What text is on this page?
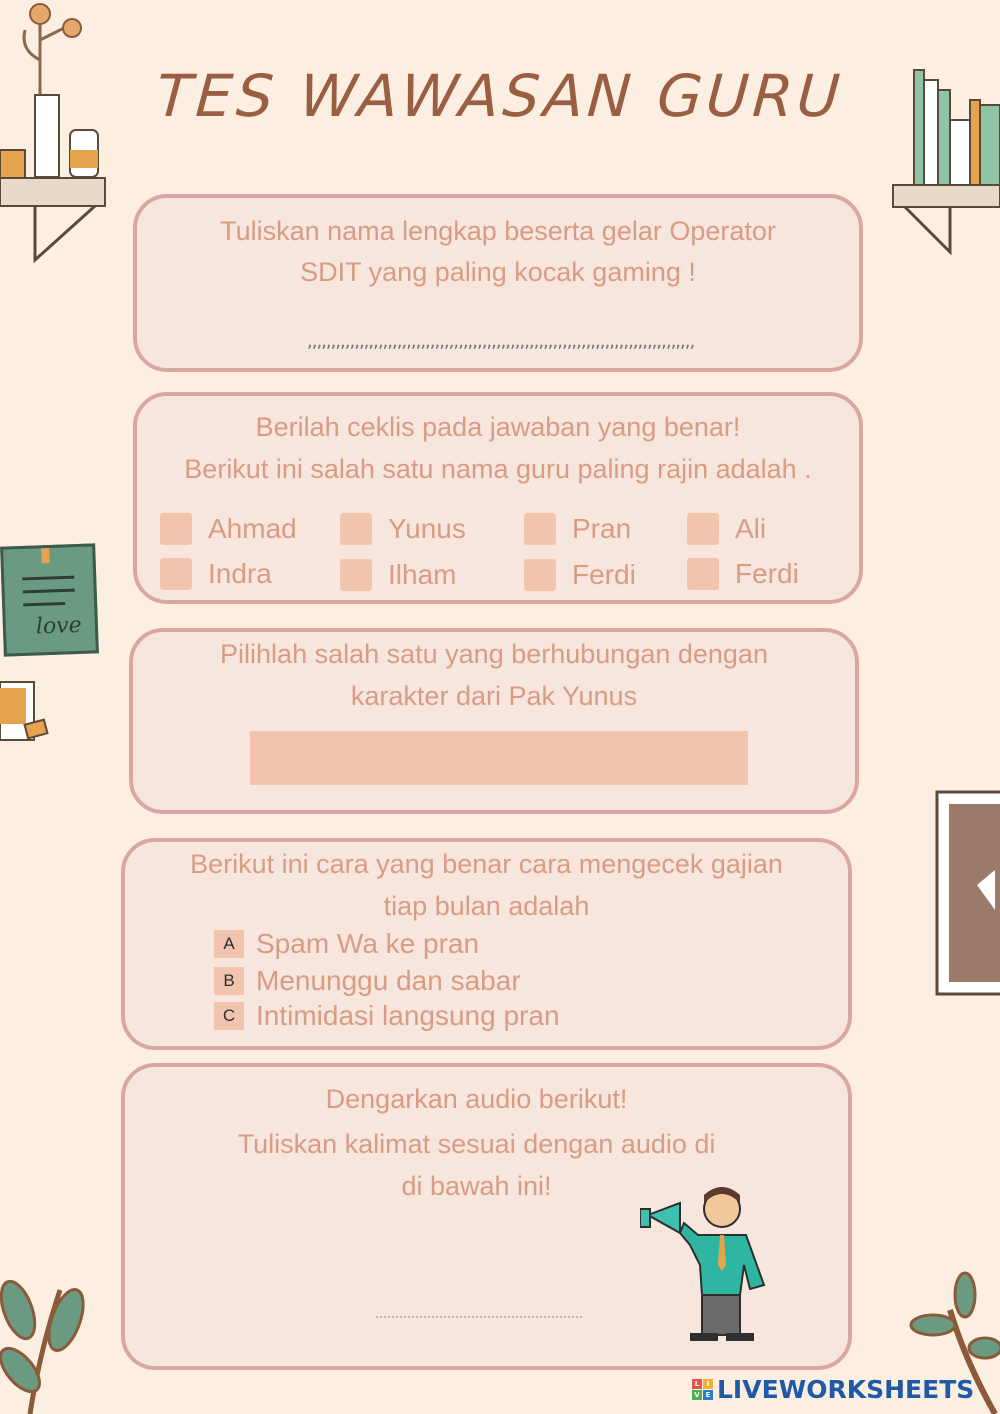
love
TES WAWASAN GURU
Tuliskan nama lengkap beserta gelar Operator
SDIT yang paling kocak gaming !
,,,,,,,,,,,,,,,,,,,,,,,,,,,,,,,,,,,,,,,,,,,,,,,,,,,,,,,,,,,,,,,,,,,,,,,,,,,,,,,,,,,,,,,
Berilah ceklis pada jawaban yang benar!
Berikut ini salah satu nama guru paling rajin adalah .
Ahmad	Yunus	Pran	Ali
Indra	Ilham	Ferdi	Ferdi
Pilihlah salah satu yang berhubungan dengan
karakter dari Pak Yunus
Berikut ini cara yang benar cara mengecek gajian
tiap bulan adalah
A Spam Wa ke pran
B Menunggu dan sabar
C Intimidasi langsung pran
Dengarkan audio berikut!
Tuliskan kalimat sesuai dengan audio di
di bawah ini!
L	I
V E LIVEWORKSHEETS
